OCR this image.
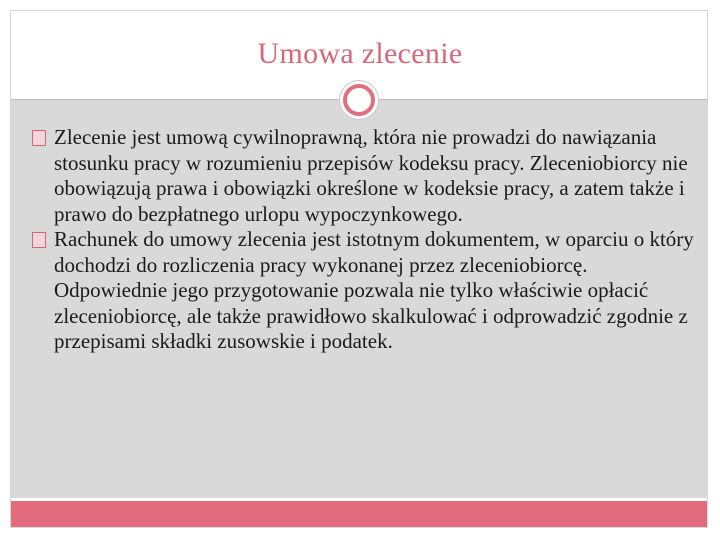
Umowa zlecenie

Zlecenie jest umową cywilnoprawną, która nie prowadzi do nawiązania stosunku pracy w rozumieniu przepisów kodeksu pracy. Zleceniobiorcy nie obowiązują prawa i obowiązki określone w kodeksie pracy, a zatem także i prawo do bezpłatnego urlopu wypoczynkowego.

Rachunek do umowy zlecenia jest istotnym dokumentem, w oparciu o który dochodzi do rozliczenia pracy wykonanej przez zleceniobiorcę. Odpowiednie jego przygotowanie pozwala nie tylko właściwie opłacić zleceniobiorcę, ale także prawidłowo skalkulować i odprowadzić zgodnie z przepisami składki zusowskie i podatek.
